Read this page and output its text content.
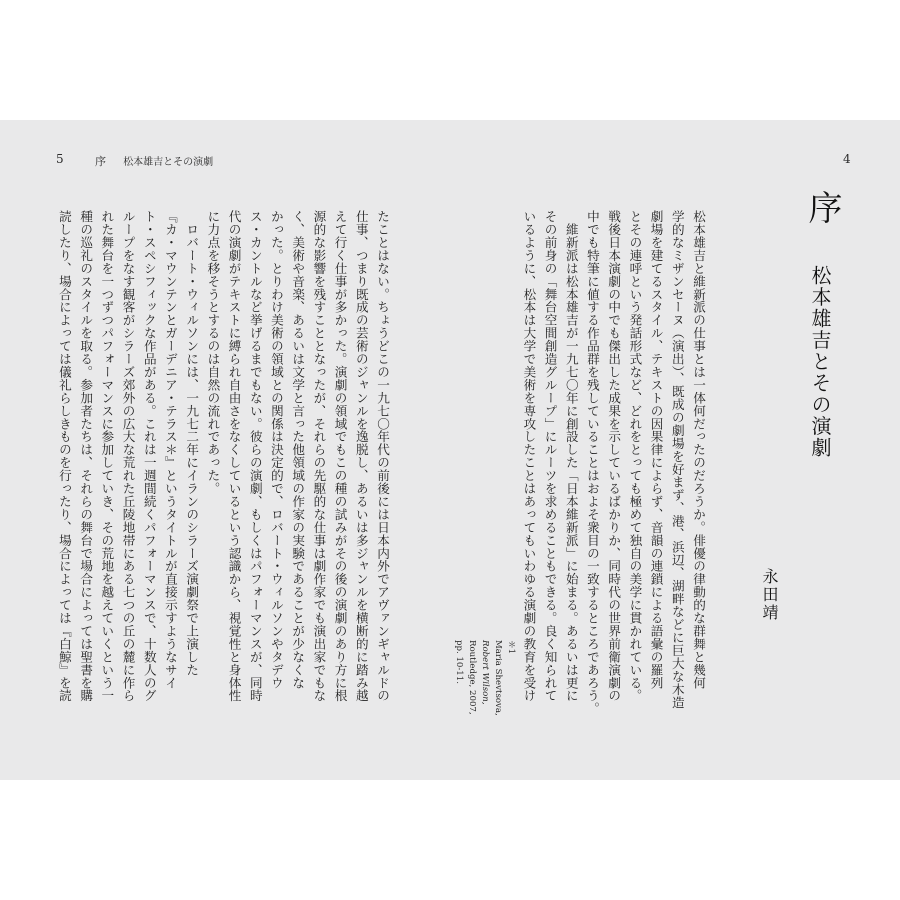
5	4
序 松本雄吉とその演劇
序
松本雄吉とその演劇
永田靖
松本雄吉と維新派の仕事とは一体何だったのだろうか。俳優の律動的な群舞と幾何
学的なミザンセーヌ（演出）、既成の劇場を好まず、港、浜辺、湖畔などに巨大な木造
劇場を建てるスタイル、テキストの因果律によらず、音韻の連鎖による語彙の羅列
とその連呼という発話形式など、どれをとっても極めて独自の美学に貫かれている。
戦後日本演劇の中でも傑出した成果を示しているばかりか、同時代の世界前衛演劇の
中でも特筆に値する作品群を残していることはおよそ衆目の一致するところであろう。
　維新派は松本雄吉が一九七〇年に創設した「日本維新派」に始まる。あるいは更に
その前身の「舞台空間創造グループ」にルーツを求めることもできる。良く知られて
いるように、松本は大学で美術を専攻したことはあってもいわゆる演劇の教育を受け
たことはない。ちょうどこの一九七〇年代の前後には日本内外でアヴァンギャルドの
仕事、つまり既成の芸術のジャンルを逸脱し、あるいは多ジャンルを横断的に踏み越
えて行く仕事が多かった。演劇の領域でもこの種の試みがその後の演劇のあり方に根
源的な影響を残すこととなったが、それらの先駆的な仕事は劇作家でも演出家でもな
く、美術や音楽、あるいは文学と言った他領域の作家の実験であることが少なくな
かった。とりわけ美術の領域との関係は決定的で、ロバート・ウィルソンやタデウ
ス・カントルなど挙げるまでもない。彼らの演劇、もしくはパフォーマンスが、同時
代の演劇がテキストに縛られ自由さをなくしているという認識から、視覚性と身体性
に力点を移そうとするのは自然の流れであった。
　ロバート・ウィルソンには、一九七二年にイランのシラーズ演劇祭で上演した
『カ・マウンテンとガーデニア・テラス＊』というタイトルが直接示すようなサイ
ト・スペシフィックな作品がある。これは一週間続くパフォーマンスで、十数人のグ
ループをなす観客がシラーズ郊外の広大な荒れた丘陵地帯にある七つの丘の麓に作ら
れた舞台を一つずつパフォーマンスに参加していき、その荒地を越えていくという一
種の巡礼のスタイルを取る。参加者たちは、それらの舞台で場合によっては聖書を購
読したり、場合によっては儀礼らしきものを行ったり、場合によっては『白鯨』を読	＊1
Maria Shevtsova,
Robert Wilson,
Routledge, 2007,
pp. 10-11.
